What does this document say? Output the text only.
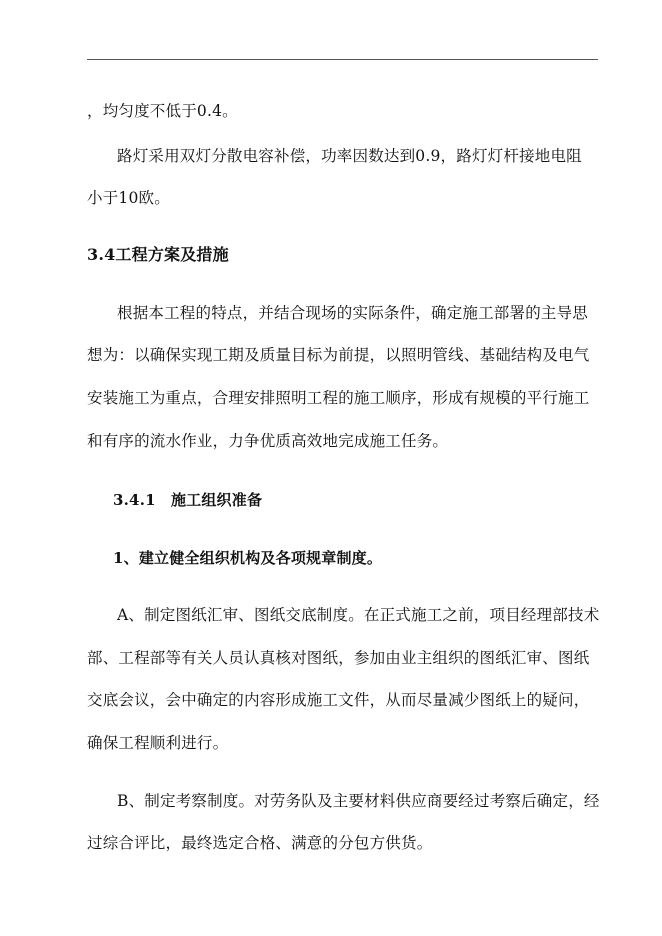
，均匀度不低于0.4。
路灯采用双灯分散电容补偿，功率因数达到0.9，路灯灯杆接地电阻
小于10欧。
3.4工程方案及措施
根据本工程的特点，并结合现场的实际条件，确定施工部署的主导思
想为：以确保实现工期及质量目标为前提，以照明管线、基础结构及电气
安装施工为重点，合理安排照明工程的施工顺序，形成有规模的平行施工
和有序的流水作业，力争优质高效地完成施工任务。
3.4.1　施工组织准备
1、建立健全组织机构及各项规章制度。
A、制定图纸汇审、图纸交底制度。在正式施工之前，项目经理部技术
部、工程部等有关人员认真核对图纸，参加由业主组织的图纸汇审、图纸
交底会议，会中确定的内容形成施工文件，从而尽量减少图纸上的疑问，
确保工程顺利进行。
B、制定考察制度。对劳务队及主要材料供应商要经过考察后确定，经
过综合评比，最终选定合格、满意的分包方供货。
